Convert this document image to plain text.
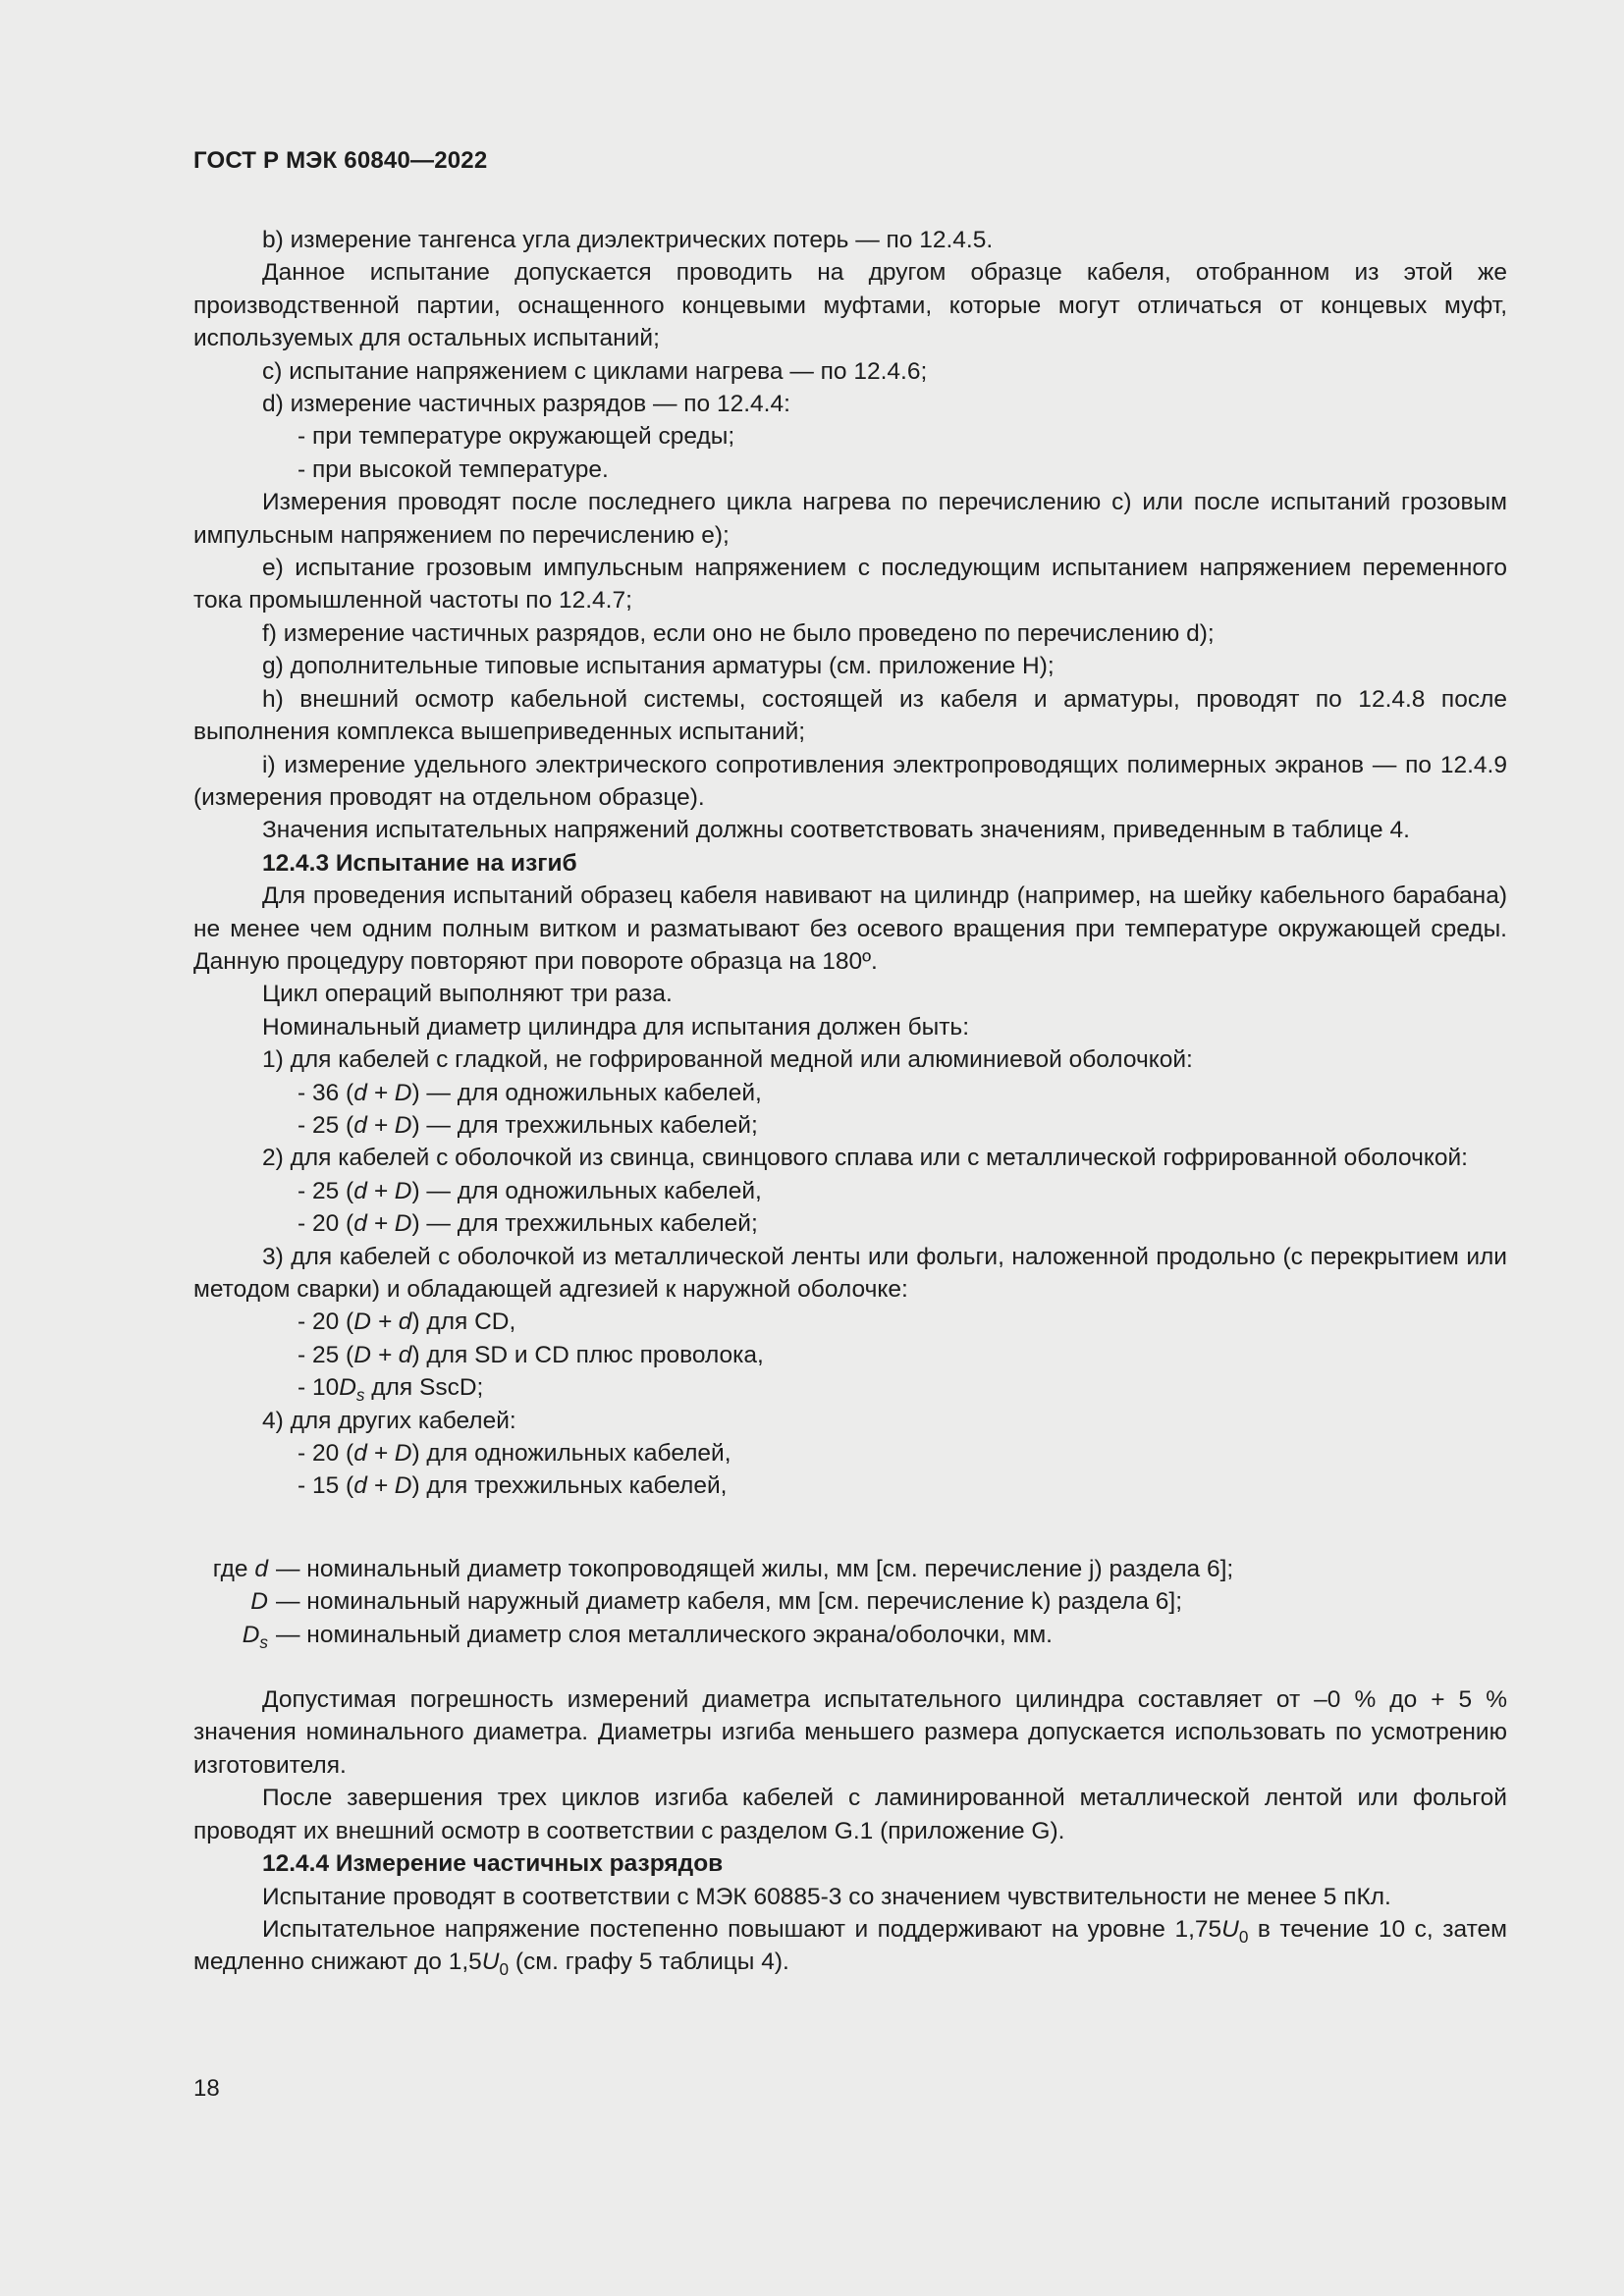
ГОСТ Р МЭК 60840—2022

b) измерение тангенса угла диэлектрических потерь — по 12.4.5.

Данное испытание допускается проводить на другом образце кабеля, отобранном из этой же производственной партии, оснащенного концевыми муфтами, которые могут отличаться от концевых муфт, используемых для остальных испытаний;

c) испытание напряжением с циклами нагрева — по 12.4.6;

d) измерение частичных разрядов — по 12.4.4:

- при температуре окружающей среды;

- при высокой температуре.

Измерения проводят после последнего цикла нагрева по перечислению с) или после испытаний грозовым импульсным напряжением по перечислению е);

e) испытание грозовым импульсным напряжением с последующим испытанием напряжением переменного тока промышленной частоты по 12.4.7;

f) измерение частичных разрядов, если оно не было проведено по перечислению d);

g) дополнительные типовые испытания арматуры (см. приложение Н);

h) внешний осмотр кабельной системы, состоящей из кабеля и арматуры, проводят по 12.4.8 после выполнения комплекса вышеприведенных испытаний;

i) измерение удельного электрического сопротивления электропроводящих полимерных экранов — по 12.4.9 (измерения проводят на отдельном образце).

Значения испытательных напряжений должны соответствовать значениям, приведенным в таблице 4.

12.4.3 Испытание на изгиб

Для проведения испытаний образец кабеля навивают на цилиндр (например, на шейку кабельного барабана) не менее чем одним полным витком и разматывают без осевого вращения при температуре окружающей среды. Данную процедуру повторяют при повороте образца на 180º.

Цикл операций выполняют три раза.

Номинальный диаметр цилиндра для испытания должен быть:

1) для кабелей с гладкой, не гофрированной медной или алюминиевой оболочкой:

- 36 (d + D) — для одножильных кабелей,

- 25 (d + D) — для трехжильных кабелей;

2) для кабелей с оболочкой из свинца, свинцового сплава или с металлической гофрированной оболочкой:

- 25 (d + D) — для одножильных кабелей,

- 20 (d + D) — для трехжильных кабелей;

3) для кабелей с оболочкой из металлической ленты или фольги, наложенной продольно (с перекрытием или методом сварки) и обладающей адгезией к наружной оболочке:

- 20 (D + d) для CD,

- 25 (D + d) для SD и CD плюс проволока,

- $10D_s$ для SscD;

4) для других кабелей:

- 20 (d + D) для одножильных кабелей,

- 15 (d + D) для трехжильных кабелей,

где d — номинальный диаметр токопроводящей жилы, мм [см. перечисление j) раздела 6];
D — номинальный наружный диаметр кабеля, мм [см. перечисление k) раздела 6];
$D_s$ — номинальный диаметр слоя металлического экрана/оболочки, мм.

Допустимая погрешность измерений диаметра испытательного цилиндра составляет от –0 % до + 5 % значения номинального диаметра. Диаметры изгиба меньшего размера допускается использовать по усмотрению изготовителя.

После завершения трех циклов изгиба кабелей с ламинированной металлической лентой или фольгой проводят их внешний осмотр в соответствии с разделом G.1 (приложение G).

12.4.4 Измерение частичных разрядов

Испытание проводят в соответствии с МЭК 60885-3 со значением чувствительности не менее 5 пКл.

Испытательное напряжение постепенно повышают и поддерживают на уровне $1,75U_0$ в течение 10 с, затем медленно снижают до $1,5U_0$ (см. графу 5 таблицы 4).

18
